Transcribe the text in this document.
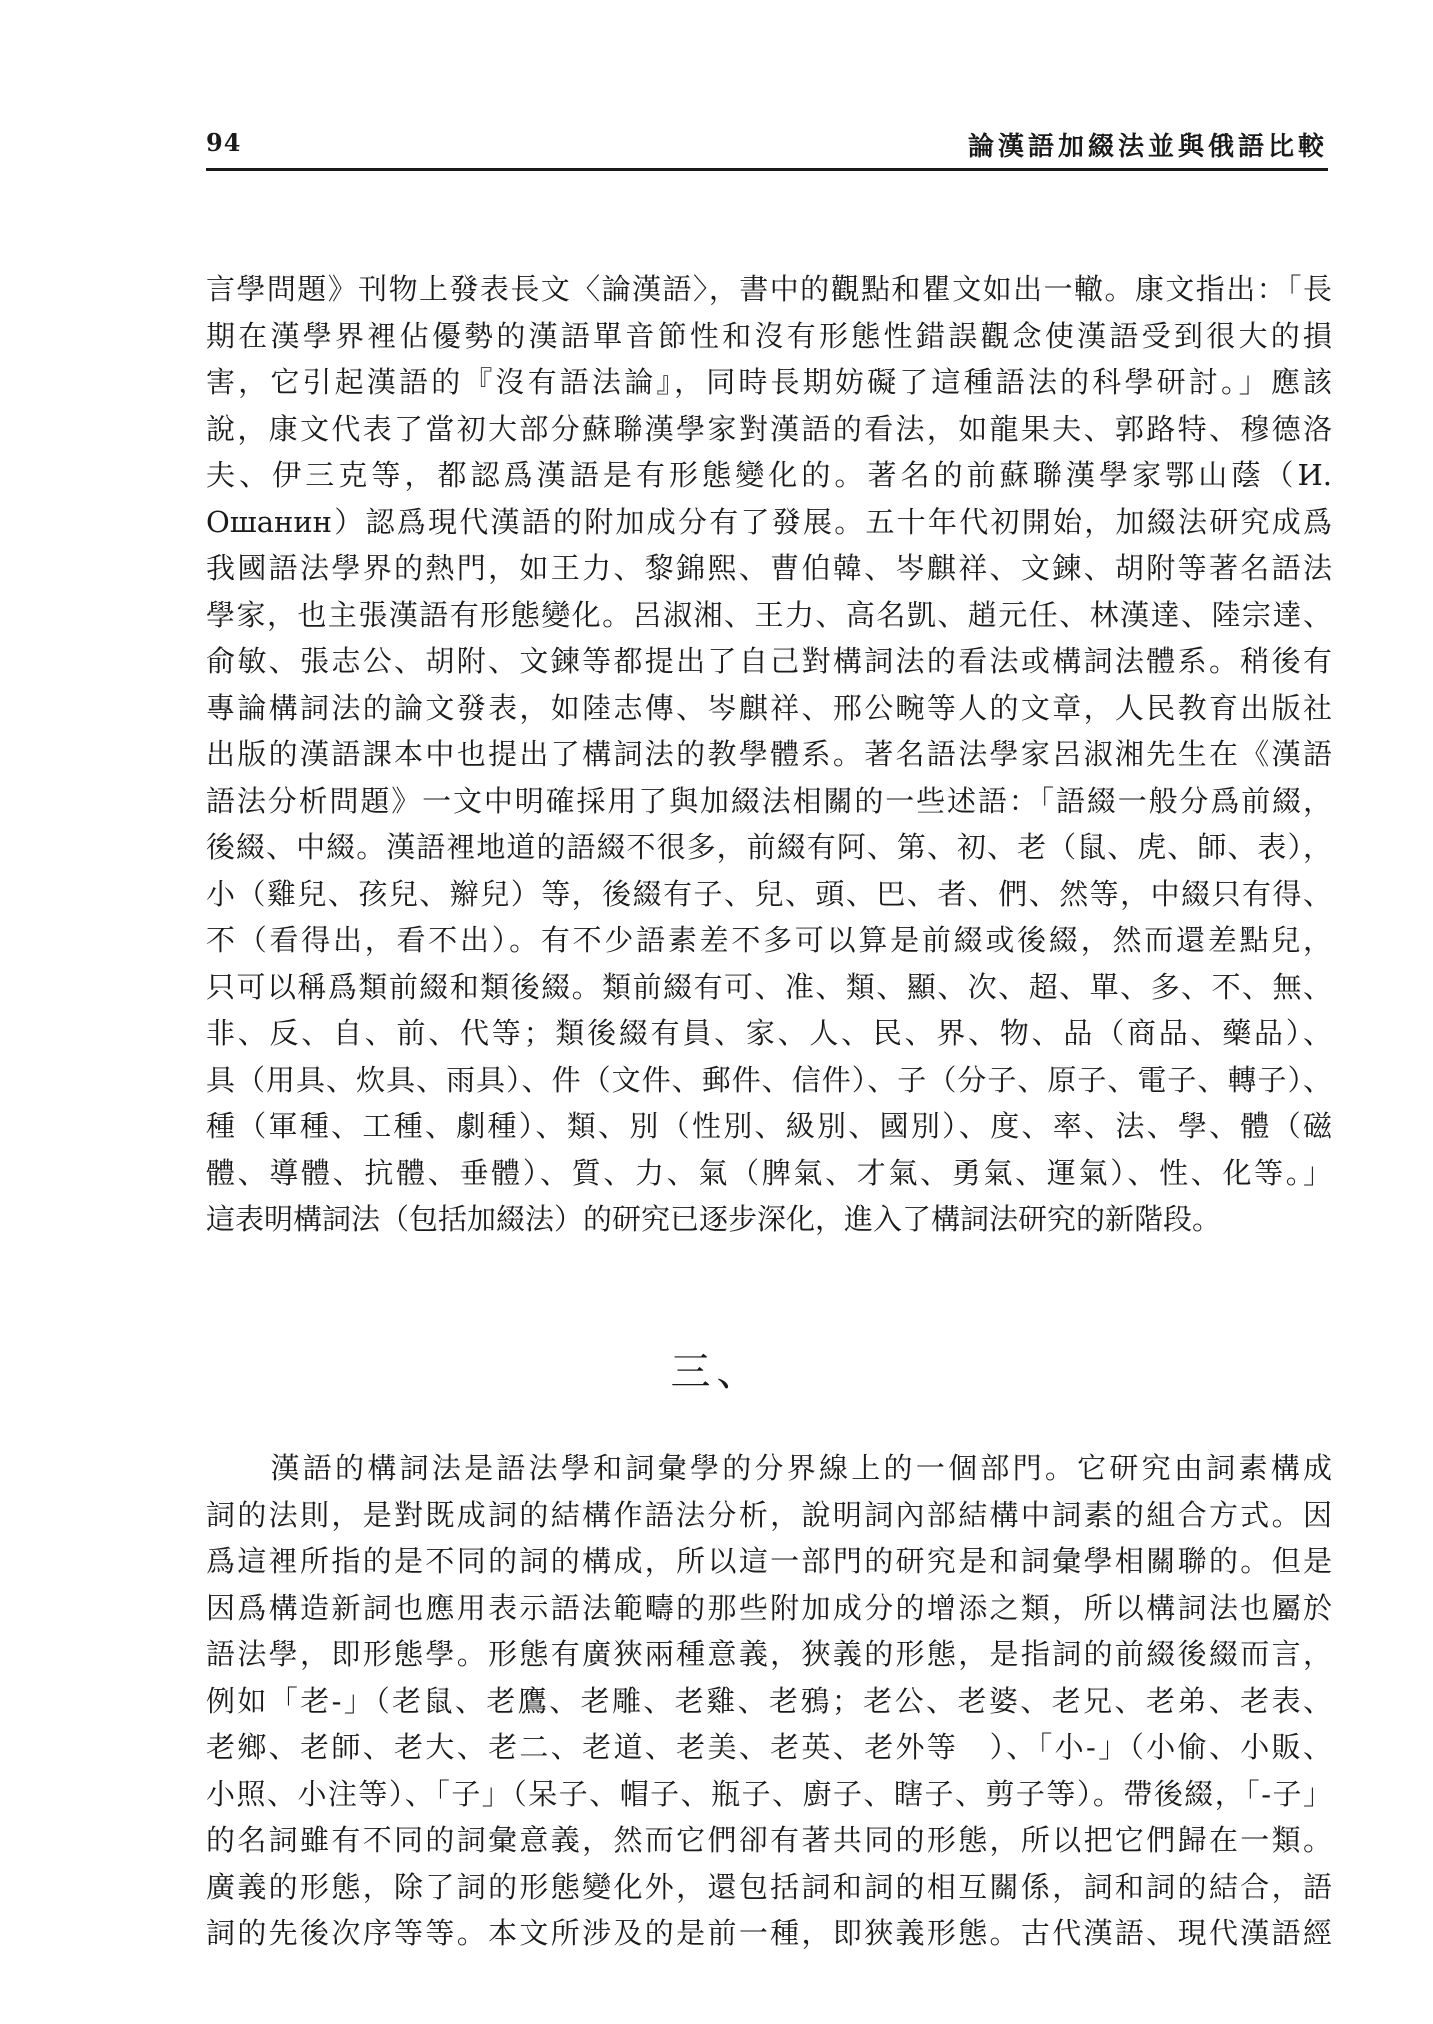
94	論漢語加綴法並與俄語比較
言學問題》刊物上發表長文〈論漢語〉，書中的觀點和瞿文如出一轍。康文指出：「長
期在漢學界裡佔優勢的漢語單音節性和沒有形態性錯誤觀念使漢語受到很大的損
害，它引起漢語的『沒有語法論』，同時長期妨礙了這種語法的科學研討。」應該
說，康文代表了當初大部分蘇聯漢學家對漢語的看法，如龍果夫、郭路特、穆德洛
夫、伊三克等，都認爲漢語是有形態變化的。著名的前蘇聯漢學家鄂山蔭（И.
Ошанин）認爲現代漢語的附加成分有了發展。五十年代初開始，加綴法研究成爲
我國語法學界的熱門，如王力、黎錦熙、曹伯韓、岑麒祥、文鍊、胡附等著名語法
學家，也主張漢語有形態變化。呂淑湘、王力、高名凱、趙元任、林漢達、陸宗達、
俞敏、張志公、胡附、文鍊等都提出了自己對構詞法的看法或構詞法體系。稍後有
專論構詞法的論文發表，如陸志傳、岑麒祥、邢公畹等人的文章，人民教育出版社
出版的漢語課本中也提出了構詞法的教學體系。著名語法學家呂淑湘先生在《漢語
語法分析問題》一文中明確採用了與加綴法相關的一些述語：「語綴一般分爲前綴，
後綴、中綴。漢語裡地道的語綴不很多，前綴有阿、第、初、老（鼠、虎、師、表），
小（雞兒、孩兒、辮兒）等，後綴有子、兒、頭、巴、者、們、然等，中綴只有得、
不（看得出，看不出）。有不少語素差不多可以算是前綴或後綴，然而還差點兒，
只可以稱爲類前綴和類後綴。類前綴有可、准、類、顯、次、超、單、多、不、無、
非、反、自、前、代等；類後綴有員、家、人、民、界、物、品（商品、藥品）、
具（用具、炊具、雨具）、件（文件、郵件、信件）、子（分子、原子、電子、轉子）、
種（軍種、工種、劇種）、類、別（性別、級別、國別）、度、率、法、學、體（磁
體、導體、抗體、垂體）、質、力、氣（脾氣、才氣、勇氣、運氣）、性、化等。」
這表明構詞法（包括加綴法）的研究已逐步深化，進入了構詞法研究的新階段。
三、
　　漢語的構詞法是語法學和詞彙學的分界線上的一個部門。它研究由詞素構成
詞的法則，是對既成詞的結構作語法分析，說明詞內部結構中詞素的組合方式。因
爲這裡所指的是不同的詞的構成，所以這一部門的研究是和詞彙學相關聯的。但是
因爲構造新詞也應用表示語法範疇的那些附加成分的增添之類，所以構詞法也屬於
語法學，即形態學。形態有廣狹兩種意義，狹義的形態，是指詞的前綴後綴而言，
例如「老-」（老鼠、老鷹、老雕、老雞、老鴉；老公、老婆、老兄、老弟、老表、
老鄉、老師、老大、老二、老道、老美、老英、老外等　）、「小-」（小偷、小販、
小照、小注等）、「子」（呆子、帽子、瓶子、廚子、瞎子、剪子等）。帶後綴，「-子」
的名詞雖有不同的詞彙意義，然而它們卻有著共同的形態，所以把它們歸在一類。
廣義的形態，除了詞的形態變化外，還包括詞和詞的相互關係，詞和詞的結合，語
詞的先後次序等等。本文所涉及的是前一種，即狹義形態。古代漢語、現代漢語經
